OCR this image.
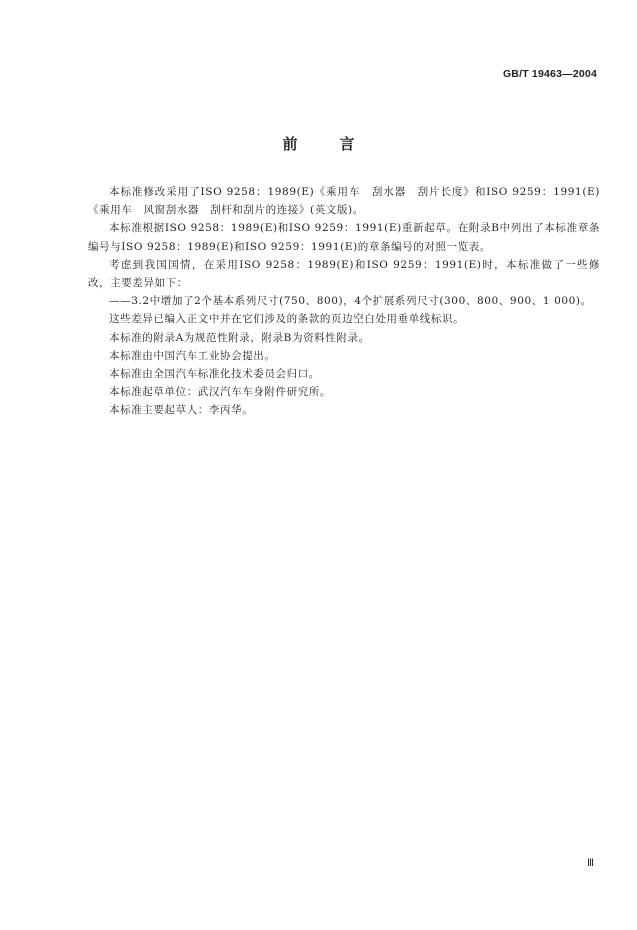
GB/T 19463—2004
前	言

本标准修改采用了ISO 9258：1989(E)《乘用车　刮水器　刮片长度》和ISO 9259：1991(E)《乘用车　风窗刮水器　刮杆和刮片的连接》(英文版)。

本标准根据ISO 9258：1989(E)和ISO 9259：1991(E)重新起草。在附录B中列出了本标准章条编号与ISO 9258：1989(E)和ISO 9259：1991(E)的章条编号的对照一览表。

考虑到我国国情，在采用ISO 9258：1989(E)和ISO 9259：1991(E)时，本标准做了一些修改，主要差异如下：

——3.2中增加了2个基本系列尺寸(750、800)，4个扩展系列尺寸(300、800、900、1 000)。

这些差异已编入正文中并在它们涉及的条款的页边空白处用垂单线标识。

本标准的附录A为规范性附录，附录B为资料性附录。

本标准由中国汽车工业协会提出。

本标准由全国汽车标准化技术委员会归口。

本标准起草单位：武汉汽车车身附件研究所。

本标准主要起草人：李丙华。

Ⅲ
